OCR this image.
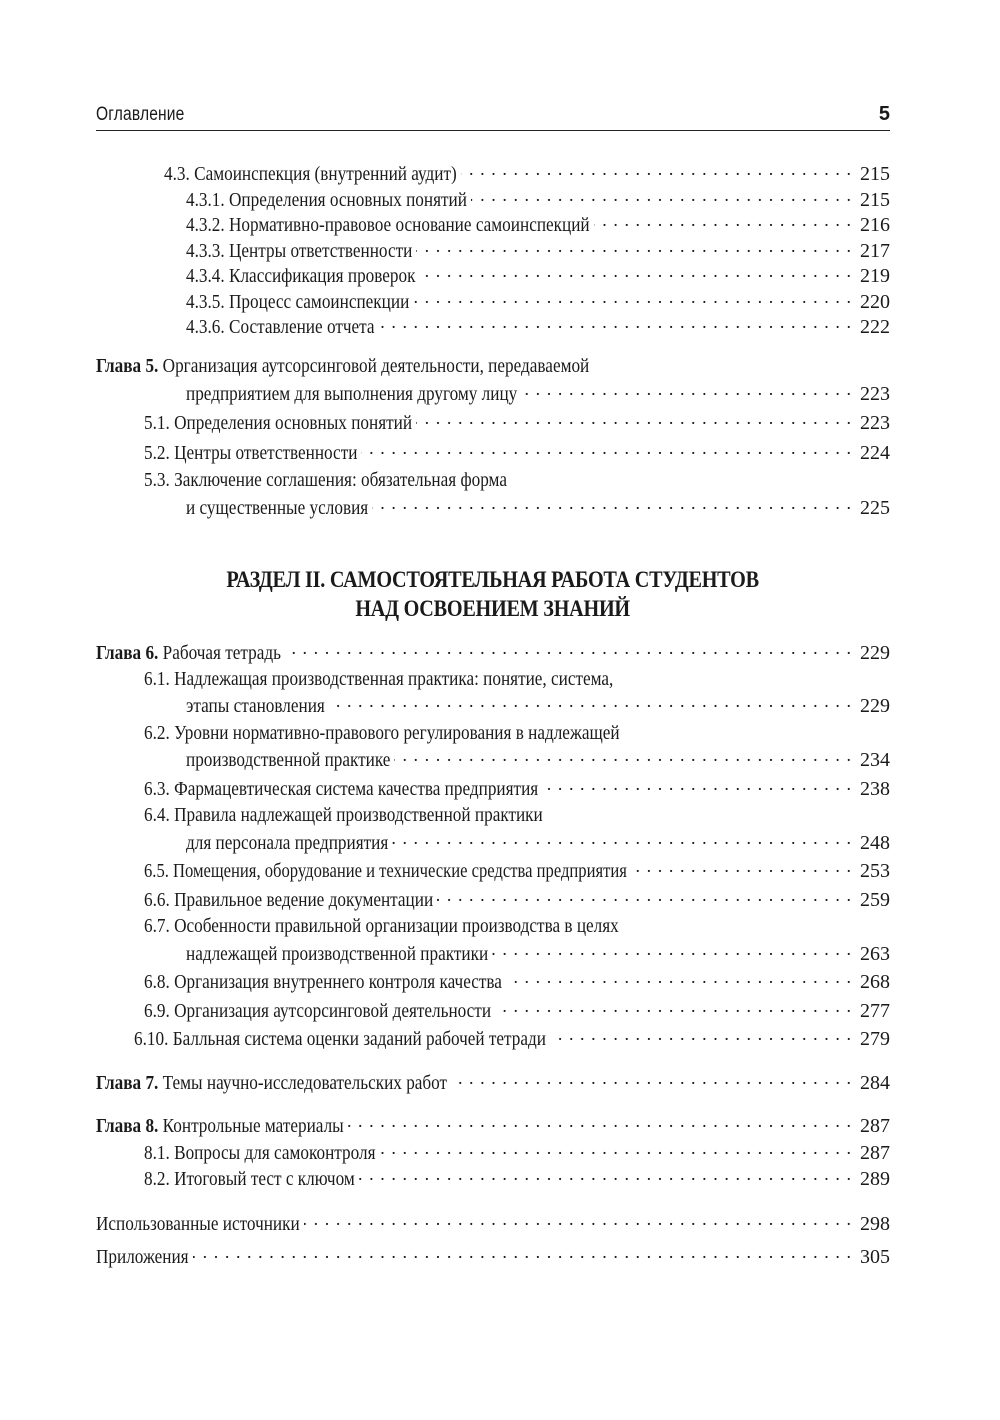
Оглавление	5
4.3. Самоинспекция (внутренний аудит) . . .	215
4.3.1. Определения основных понятий . . .	215
4.3.2. Нормативно-правовое основание самоинспекций . . .	216
4.3.3. Центры ответственности . . .	217
4.3.4. Классификация проверок . . .	219
4.3.5. Процесс самоинспекции . . .	220
4.3.6. Составление отчета . . .	222
Глава 5. Организация аутсорсинговой деятельности, передаваемой
предприятием для выполнения другому лицу . . .	223
5.1. Определения основных понятий . . .	223
5.2. Центры ответственности . . .	224
5.3. Заключение соглашения: обязательная форма
и существенные условия . . .	225
РАЗДЕЛ II. САМОСТОЯТЕЛЬНАЯ РАБОТА СТУДЕНТОВ
НАД ОСВОЕНИЕМ ЗНАНИЙ
Глава 6. Рабочая тетрадь . . .	229
6.1. Надлежащая производственная практика: понятие, система,
этапы становления . . .	229
6.2. Уровни нормативно-правового регулирования в надлежащей
производственной практике . . .	234
6.3. Фармацевтическая система качества предприятия . . .	238
6.4. Правила надлежащей производственной практики
для персонала предприятия . . .	248
6.5. Помещения, оборудование и технические средства предприятия . . .	253
6.6. Правильное ведение документации . . .	259
6.7. Особенности правильной организации производства в целях
надлежащей производственной практики . . .	263
6.8. Организация внутреннего контроля качества . . .	268
6.9. Организация аутсорсинговой деятельности . . .	277
6.10. Балльная система оценки заданий рабочей тетради . . .	279
Глава 7. Темы научно-исследовательских работ . . .	284
Глава 8. Контрольные материалы . . .	287
8.1. Вопросы для самоконтроля . . .	287
8.2. Итоговый тест с ключом . . .	289
Использованные источники . . .	298
Приложения . . .	305
